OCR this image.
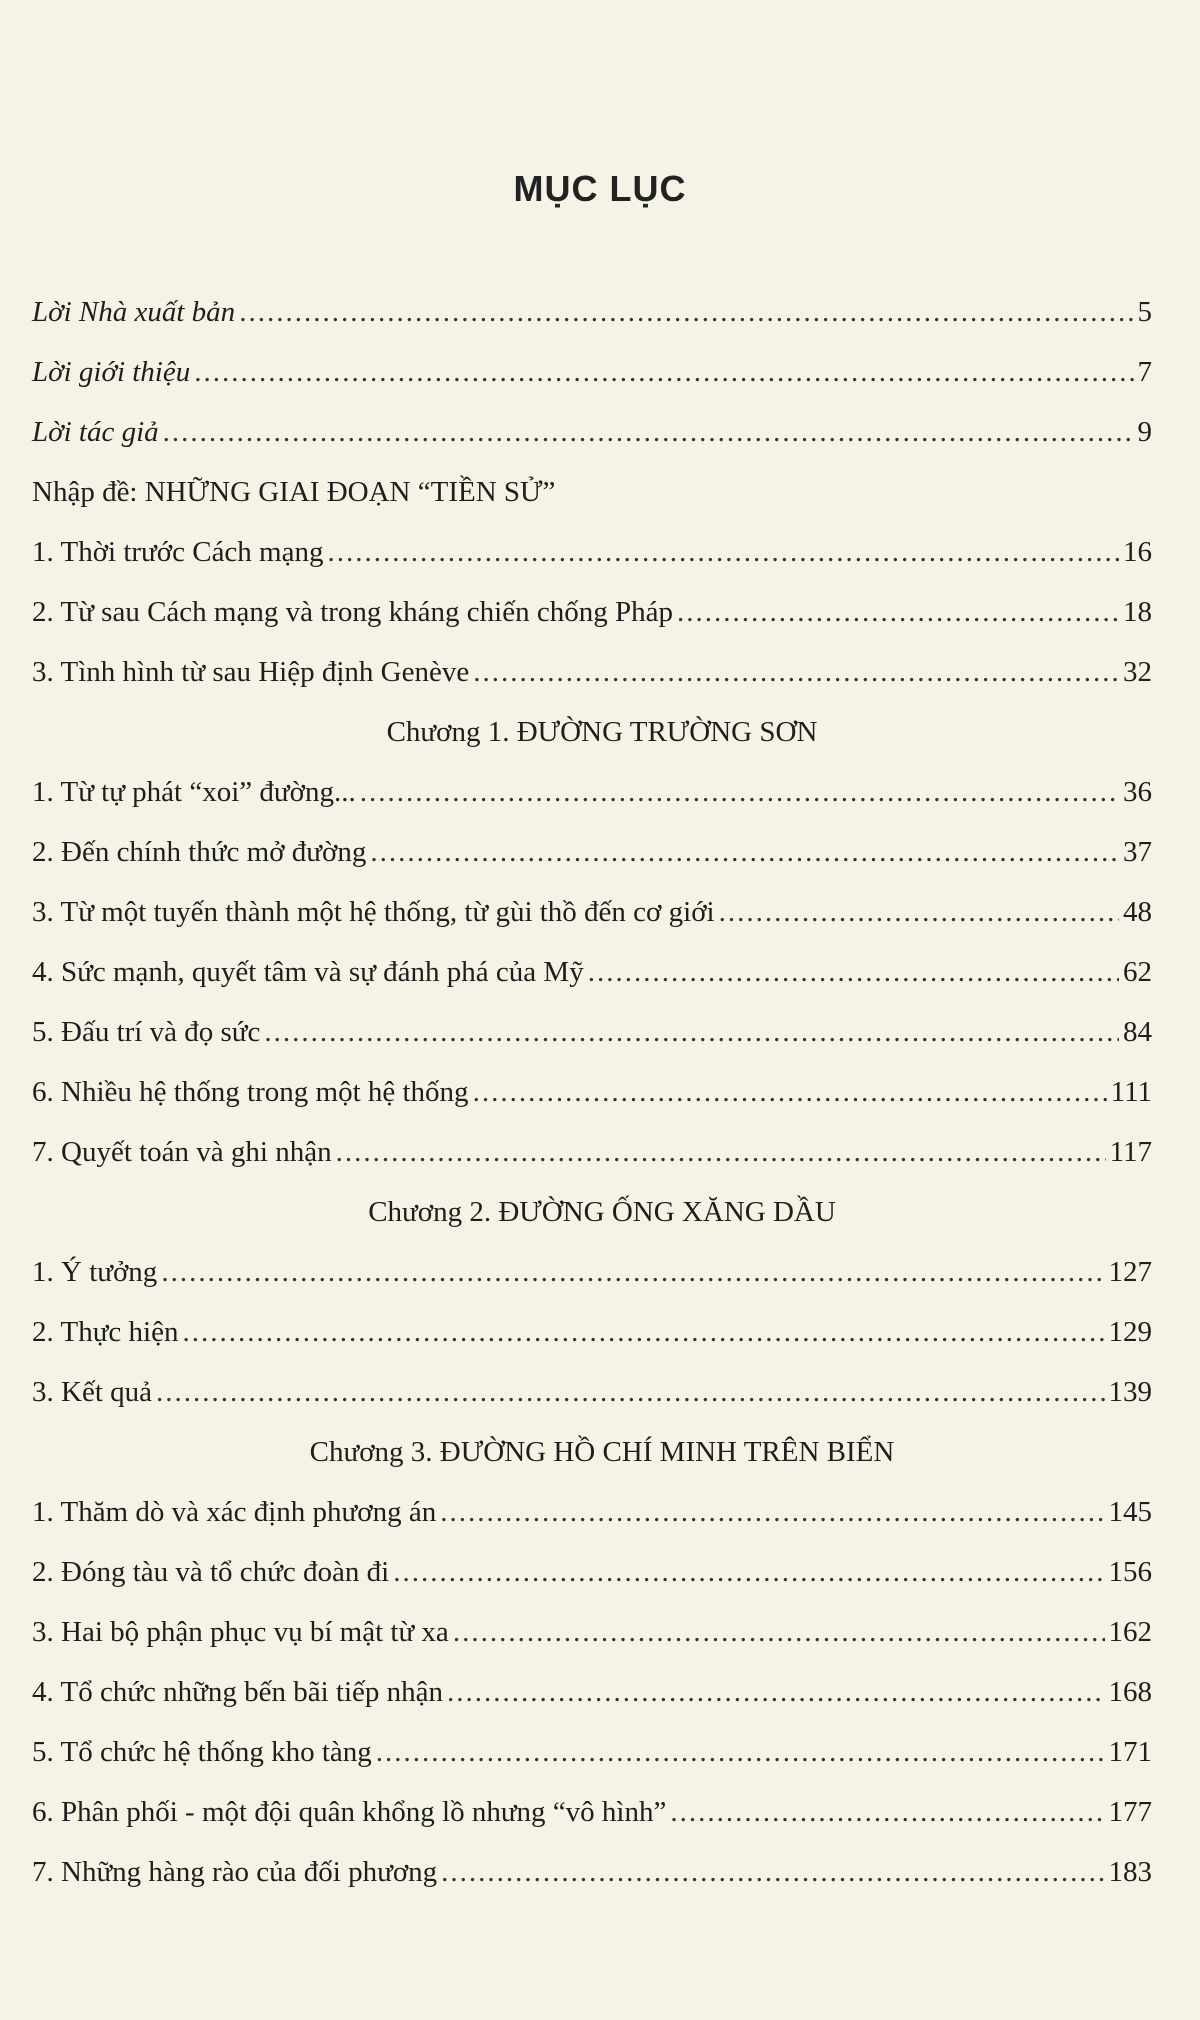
MỤC LỤC
Lời Nhà xuất bản .....	5
Lời giới thiệu .....	7
Lời tác giả .....	9
Nhập đề: NHỮNG GIAI ĐOẠN “TIỀN SỬ”
1. Thời trước Cách mạng .....	16
2. Từ sau Cách mạng và trong kháng chiến chống Pháp .....	18
3. Tình hình từ sau Hiệp định Genève .....	32
Chương 1. ĐƯỜNG TRƯỜNG SƠN
1. Từ tự phát “xoi” đường... .....	36
2. Đến chính thức mở đường .....	37
3. Từ một tuyến thành một hệ thống, từ gùi thồ đến cơ giới .....	48
4. Sức mạnh, quyết tâm và sự đánh phá của Mỹ .....	62
5. Đấu trí và đọ sức .....	84
6. Nhiều hệ thống trong một hệ thống .....	111
7. Quyết toán và ghi nhận .....	117
Chương 2. ĐƯỜNG ỐNG XĂNG DẦU
1. Ý tưởng .....	127
2. Thực hiện .....	129
3. Kết quả .....	139
Chương 3. ĐƯỜNG HỒ CHÍ MINH TRÊN BIỂN
1. Thăm dò và xác định phương án .....	145
2. Đóng tàu và tổ chức đoàn đi .....	156
3. Hai bộ phận phục vụ bí mật từ xa .....	162
4. Tổ chức những bến bãi tiếp nhận .....	168
5. Tổ chức hệ thống kho tàng .....	171
6. Phân phối - một đội quân khổng lồ nhưng “vô hình” .....	177
7. Những hàng rào của đối phương .....	183
